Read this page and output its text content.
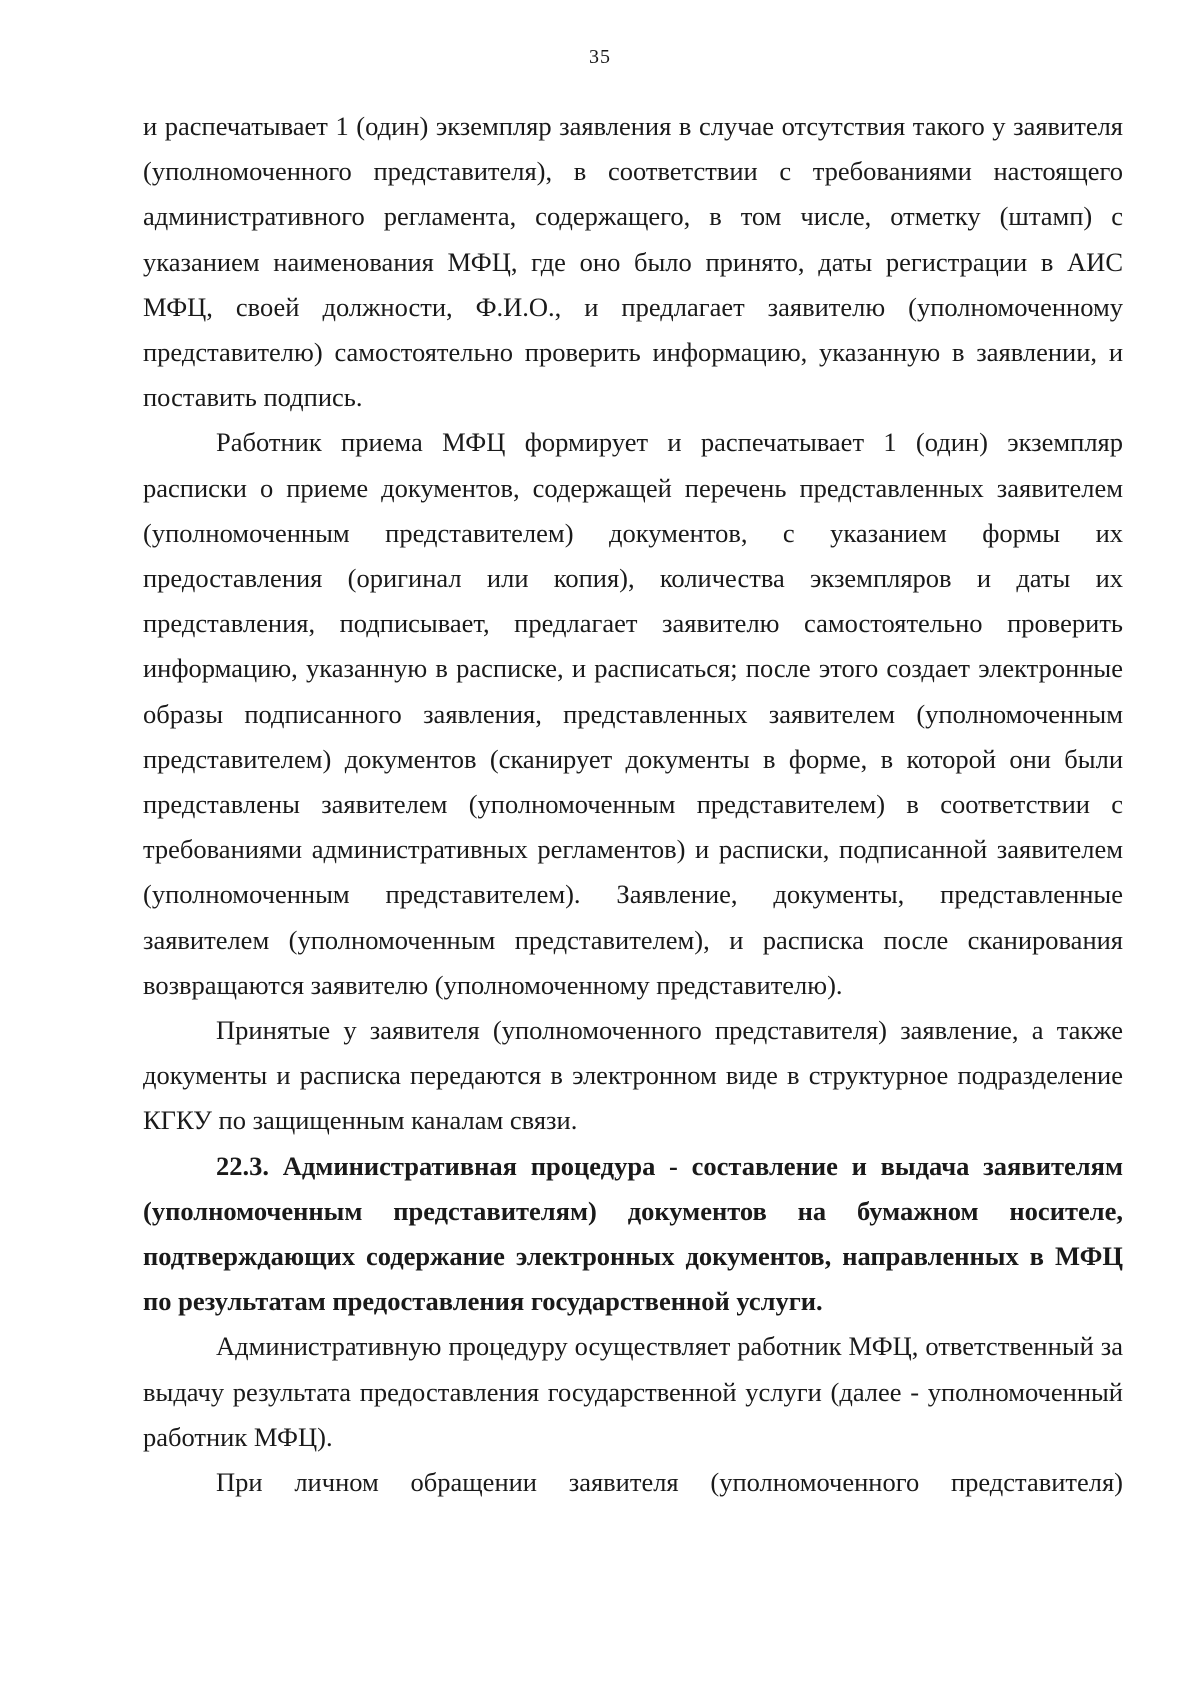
35

и распечатывает 1 (один) экземпляр заявления в случае отсутствия такого у заявителя (уполномоченного представителя), в соответствии с требованиями настоящего административного регламента, содержащего, в том числе, отметку (штамп) с указанием наименования МФЦ, где оно было принято, даты регистрации в АИС МФЦ, своей должности, Ф.И.О., и предлагает заявителю (уполномоченному представителю) самостоятельно проверить информацию, указанную в заявлении, и поставить подпись.

Работник приема МФЦ формирует и распечатывает 1 (один) экземпляр расписки о приеме документов, содержащей перечень представленных заявителем (уполномоченным представителем) документов, с указанием формы их предоставления (оригинал или копия), количества экземпляров и даты их представления, подписывает, предлагает заявителю самостоятельно проверить информацию, указанную в расписке, и расписаться; после этого создает электронные образы подписанного заявления, представленных заявителем (уполномоченным представителем) документов (сканирует документы в форме, в которой они были представлены заявителем (уполномоченным представителем) в соответствии с требованиями административных регламентов) и расписки, подписанной заявителем (уполномоченным представителем). Заявление, документы, представленные заявителем (уполномоченным представителем), и расписка после сканирования возвращаются заявителю (уполномоченному представителю).

Принятые у заявителя (уполномоченного представителя) заявление, а также документы и расписка передаются в электронном виде в структурное подразделение КГКУ по защищенным каналам связи.

22.3. Административная процедура - составление и выдача заявителям (уполномоченным представителям) документов на бумажном носителе, подтверждающих содержание электронных документов, направленных в МФЦ по результатам предоставления государственной услуги.

Административную процедуру осуществляет работник МФЦ, ответственный за выдачу результата предоставления государственной услуги (далее - уполномоченный работник МФЦ).

При личном обращении заявителя (уполномоченного представителя)
